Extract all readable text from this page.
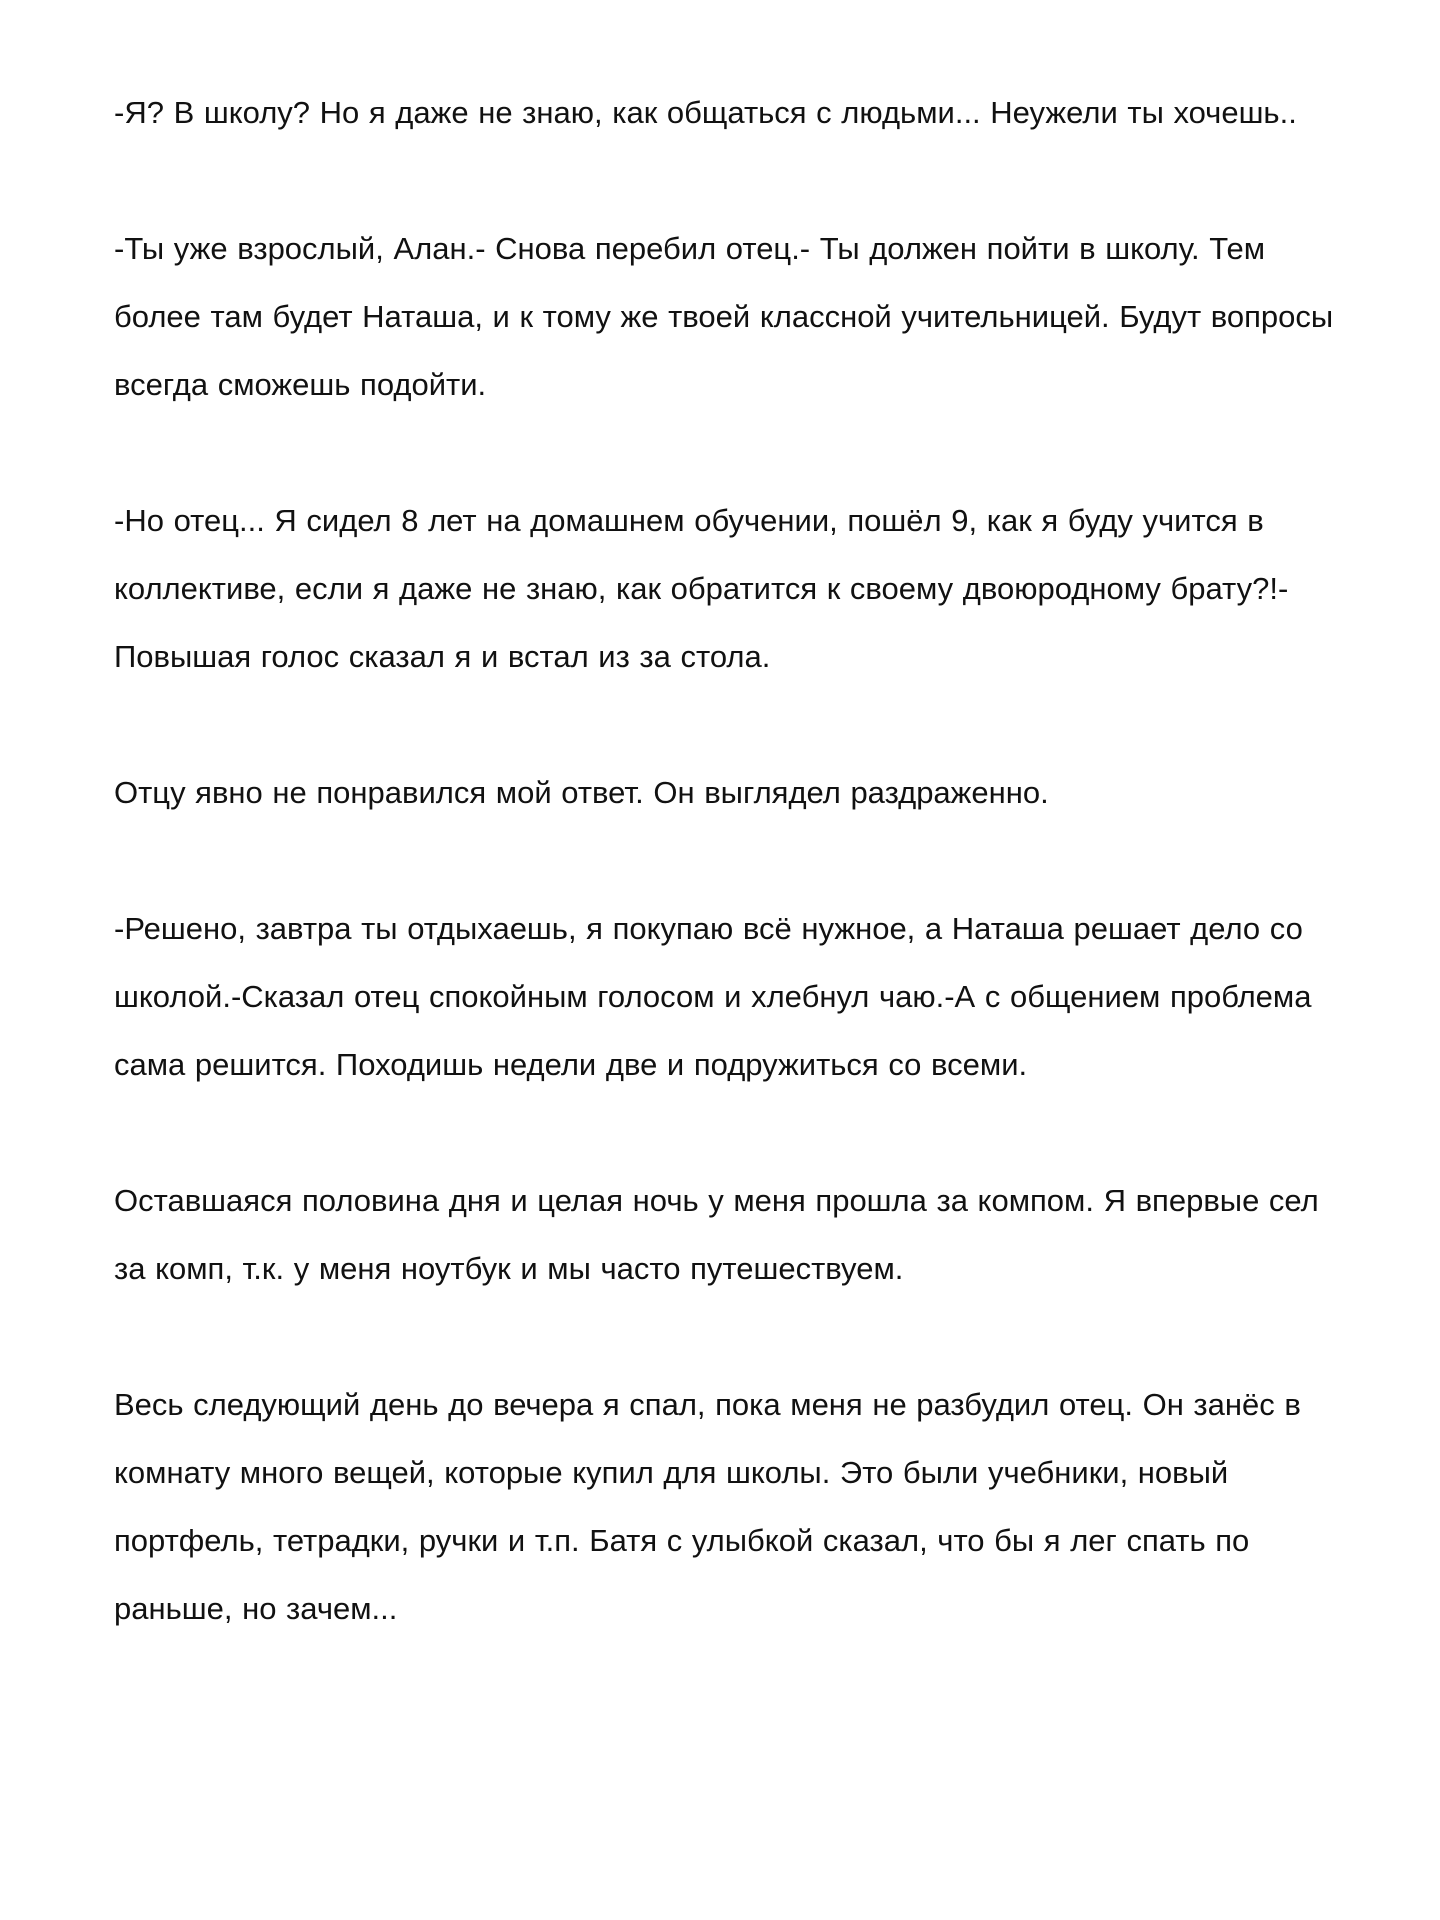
-Я? В школу? Но я даже не знаю, как общаться с людьми... Неужели ты хочешь..

-Ты уже взрослый, Алан.- Снова перебил отец.- Ты должен пойти в школу. Тем более там будет Наташа, и к тому же твоей классной учительницей. Будут вопросы всегда сможешь подойти.

-Но отец... Я сидел 8 лет на домашнем обучении, пошёл 9, как я буду учится в коллективе, если я даже не знаю, как обратится к своему двоюродному брату?!-Повышая голос сказал я и встал из за стола.

Отцу явно не понравился мой ответ. Он выглядел раздраженно.

-Решено, завтра ты отдыхаешь, я покупаю всё нужное, а Наташа решает дело со школой.-Сказал отец спокойным голосом и хлебнул чаю.-А с общением проблема сама решится. Походишь недели две и подружиться со всеми.

Оставшаяся половина дня и целая ночь у меня прошла за компом. Я впервые сел за комп, т.к. у меня ноутбук и мы часто путешествуем.

Весь следующий день до вечера я спал, пока меня не разбудил отец. Он занёс в комнату много вещей, которые купил для школы. Это были учебники, новый портфель, тетрадки, ручки и т.п. Батя с улыбкой сказал, что бы я лег спать по раньше, но зачем...
